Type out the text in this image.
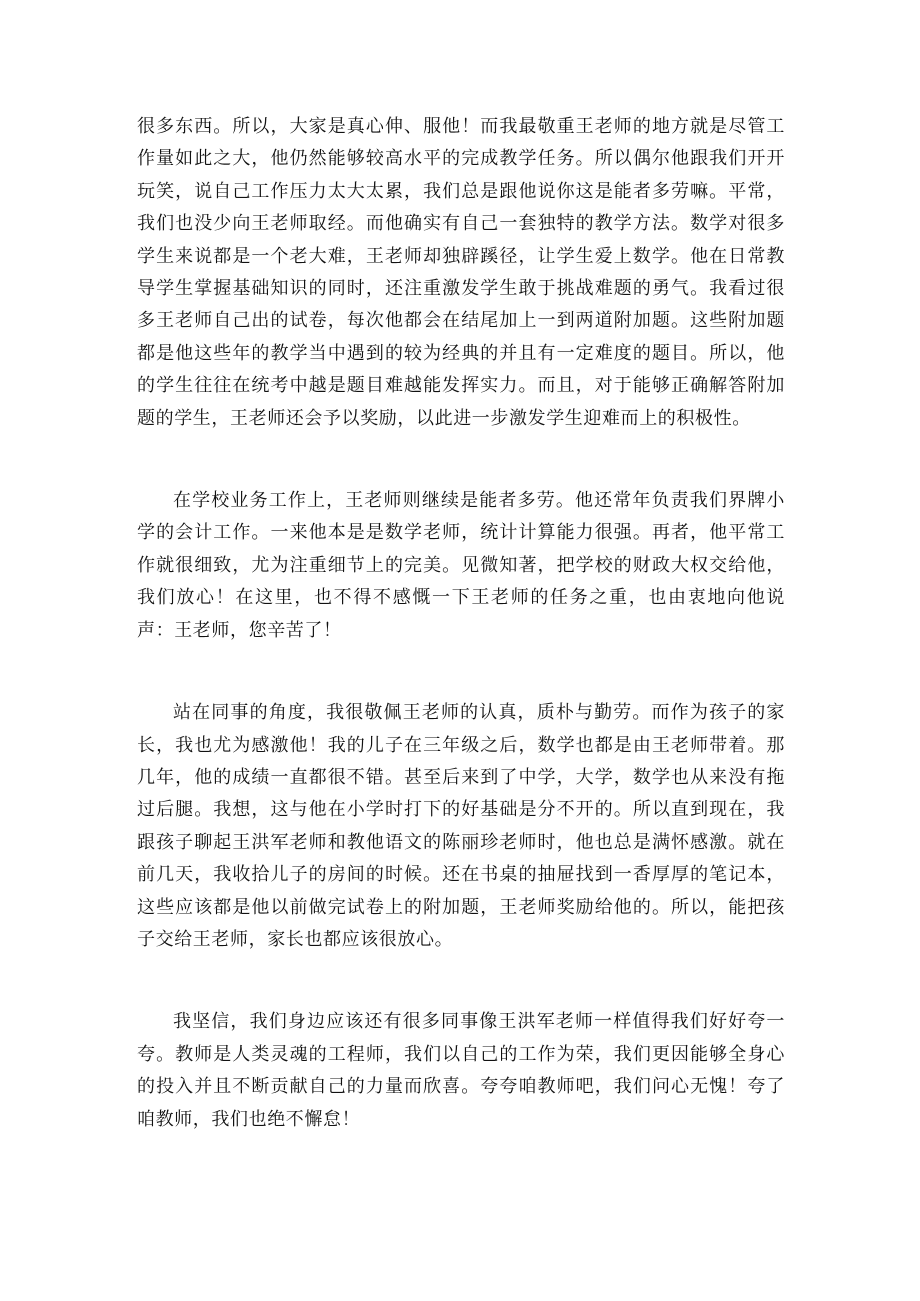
很多东西。所以，大家是真心伸、服他！而我最敬重王老师的地方就是尽管工作量如此之大，他仍然能够较高水平的完成教学任务。所以偶尔他跟我们开开玩笑，说自己工作压力太大太累，我们总是跟他说你这是能者多劳嘛。平常，我们也没少向王老师取经。而他确实有自己一套独特的教学方法。数学对很多学生来说都是一个老大难，王老师却独辟蹊径，让学生爱上数学。他在日常教导学生掌握基础知识的同时，还注重激发学生敢于挑战难题的勇气。我看过很多王老师自己出的试卷，每次他都会在结尾加上一到两道附加题。这些附加题都是他这些年的教学当中遇到的较为经典的并且有一定难度的题目。所以，他的学生往往在统考中越是题目难越能发挥实力。而且，对于能够正确解答附加题的学生，王老师还会予以奖励，以此进一步激发学生迎难而上的积极性。

在学校业务工作上，王老师则继续是能者多劳。他还常年负责我们界牌小学的会计工作。一来他本是是数学老师，统计计算能力很强。再者，他平常工作就很细致，尤为注重细节上的完美。见微知著，把学校的财政大权交给他，我们放心！在这里，也不得不感慨一下王老师的任务之重，也由衷地向他说声：王老师，您辛苦了！

站在同事的角度，我很敬佩王老师的认真，质朴与勤劳。而作为孩子的家长，我也尤为感激他！我的儿子在三年级之后，数学也都是由王老师带着。那几年，他的成绩一直都很不错。甚至后来到了中学，大学，数学也从来没有拖过后腿。我想，这与他在小学时打下的好基础是分不开的。所以直到现在，我跟孩子聊起王洪军老师和教他语文的陈丽珍老师时，他也总是满怀感激。就在前几天，我收拾儿子的房间的时候。还在书桌的抽屉找到一香厚厚的笔记本，这些应该都是他以前做完试卷上的附加题，王老师奖励给他的。所以，能把孩子交给王老师，家长也都应该很放心。

我坚信，我们身边应该还有很多同事像王洪军老师一样值得我们好好夸一夸。教师是人类灵魂的工程师，我们以自己的工作为荣，我们更因能够全身心的投入并且不断贡献自己的力量而欣喜。夸夸咱教师吧，我们问心无愧！夸了咱教师，我们也绝不懈怠！
